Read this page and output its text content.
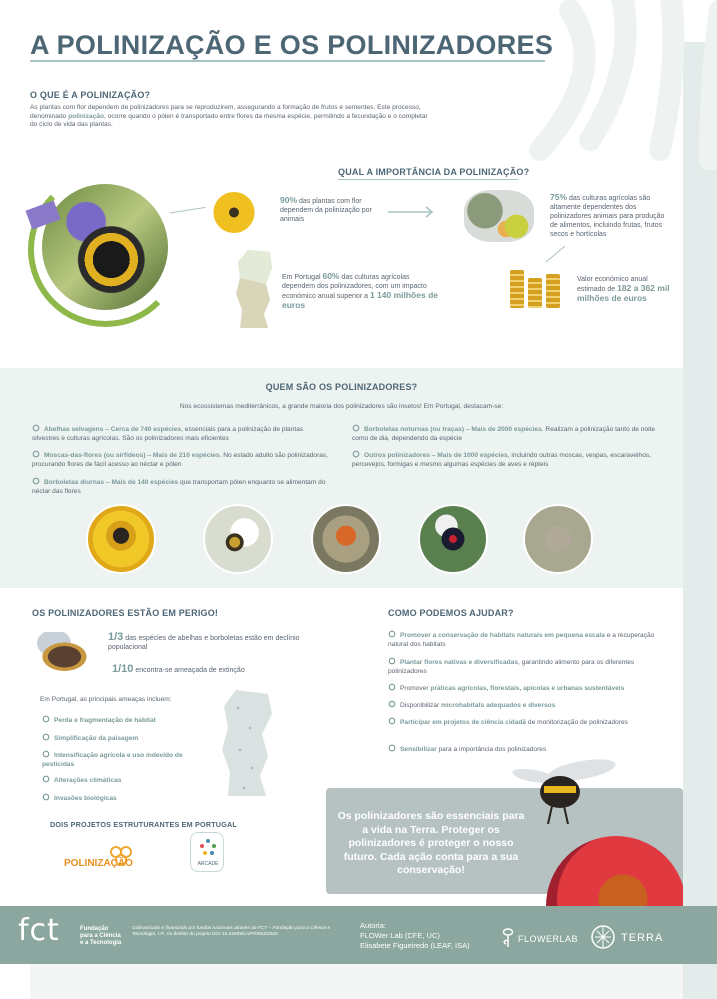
A POLINIZAÇÃO E OS POLINIZADORES
O QUE É A POLINIZAÇÃO?
As plantas com flor dependem de polinizadores para se reproduzirem, assegurando a formação de frutos e sementes. Este processo, denominado polinização, ocorre quando o pólen é transportado entre flores da mesma espécie, permitindo a fecundação e o completar do ciclo de vida das plantas.
QUAL A IMPORTÂNCIA DA POLINIZAÇÃO?
90% das plantas com flor dependem da polinização por animais
75% das culturas agrícolas são altamente dependentes dos polinizadores animais para produção de alimentos, incluindo frutas, frutos secos e hortícolas
Em Portugal 60% das culturas agrícolas dependem dos polinizadores, com um impacto económico anual superior a 1 140 milhões de euros
Valor económico anual estimado de 182 a 362 mil milhões de euros
QUEM SÃO OS POLINIZADORES?
Nos ecossistemas mediterrânicos, a grande maioria dos polinizadores são insetos! Em Portugal, destacam-se:
Abelhas selvagens – Cerca de 740 espécies, essenciais para a polinização de plantas silvestres e culturas agrícolas. São os polinizadores mais eficientes
Moscas-das-flores (ou sirfídeos) – Mais de 210 espécies. No estado adulto são polinizadoras, procurando flores de fácil acesso ao néctar e pólen
Borboletas diurnas – Mais de 140 espécies que transportam pólen enquanto se alimentam do néctar das flores
Borboletas noturnas (ou traças) – Mais de 2000 espécies. Realizam a polinização tanto de noite como de dia, dependendo da espécie
Outros polinizadores – Mais de 1000 espécies, incluindo outras moscas, vespas, escaravelhos, percevejos, formigas e mesmo algumas espécies de aves e répteis
OS POLINIZADORES ESTÃO EM PERIGO!
1/3 das espécies de abelhas e borboletas estão em declínio populacional
1/10 encontra-se ameaçada de extinção
Em Portugal, as principais ameaças incluem:
Perda e fragmentação de habitat
Simplificação da paisagem
Intensificação agrícola e uso indevido de pesticidas
Alterações climáticas
Invasões biológicas
DOIS PROJETOS ESTRUTURANTES EM PORTUGAL
POLINIZAÇÃO	ARCADE
COMO PODEMOS AJUDAR?
Promover a conservação de habitats naturais em pequena escala e a recuperação natural dos habitats
Plantar flores nativas e diversificadas, garantindo alimento para os diferentes polinizadores
Promover práticas agrícolas, florestais, apícolas e urbanas sustentáveis
Disponibilizar microhabitats adequados e diversos
Participar em projetos de ciência cidadã de monitorização de polinizadores
Sensibilizar para a importância dos polinizadores
Os polinizadores são essenciais para a vida na Terra. Proteger os polinizadores é proteger o nosso futuro. Cada ação conta para a sua conservação!
fct	Fundação
para a Ciência
e a Tecnologia
Cofinanciado e financiado por fundos nacionais através da FCT – Fundação para a Ciência e Tecnologia, I.P., no âmbito do projeto DOI 10.54499/LA/P/0063/2020
Autoria:
FLOWer Lab (CFE, UC)
Elisabete Figueiredo (LEAF, ISA)
FLOWERLAB	TERRA
